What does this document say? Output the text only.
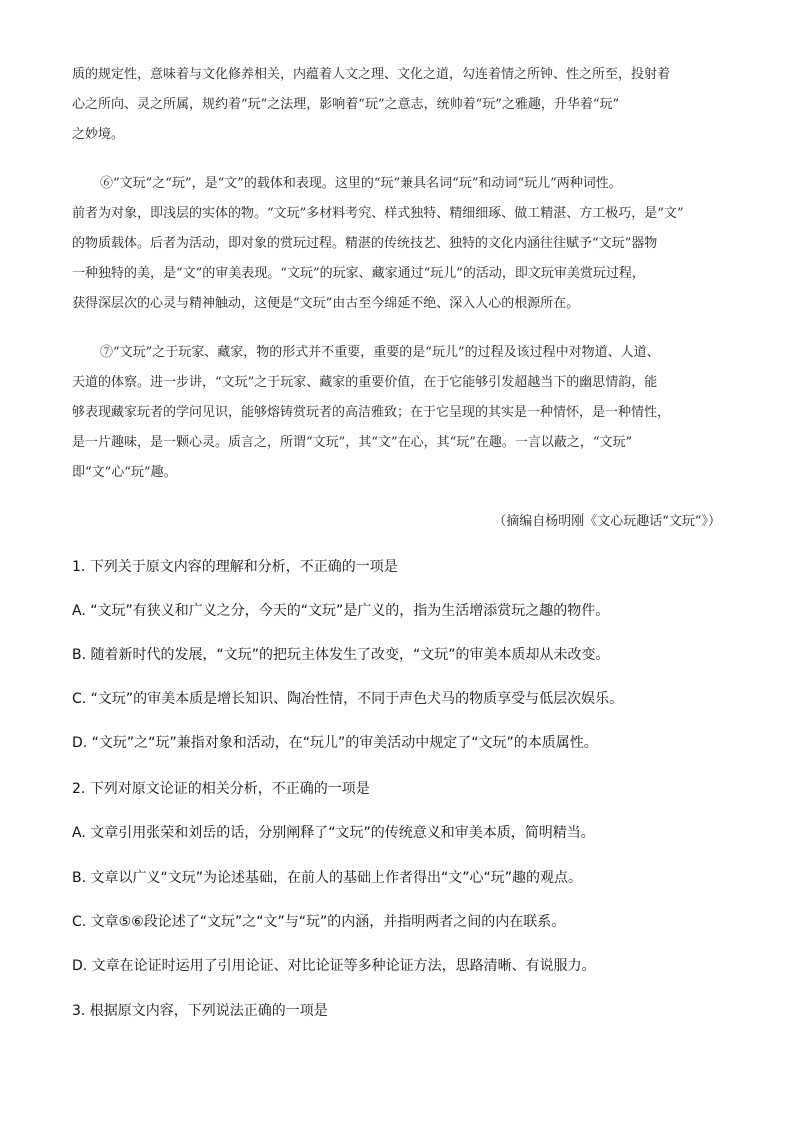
质的规定性，意味着与文化修养相关，内蕴着人文之理、文化之道，勾连着情之所钟、性之所至，投射着
心之所向、灵之所属，规约着“玩”之法理，影响着“玩”之意志，统帅着“玩”之雅趣，升华着“玩”
之妙境。
⑥“文玩”之“玩”，是“文”的载体和表现。这里的“玩”兼具名词“玩”和动词“玩儿”两种词性。
前者为对象，即浅层的实体的物。“文玩”多材料考究、样式独特、精细细琢、做工精湛、方工极巧，是“文”
的物质载体。后者为活动，即对象的赏玩过程。精湛的传统技艺、独特的文化内涵往往赋予“文玩”器物
一种独特的美，是“文”的审美表现。“文玩”的玩家、藏家通过“玩儿”的活动，即文玩审美赏玩过程，
获得深层次的心灵与精神触动，这便是“文玩”由古至今绵延不绝、深入人心的根源所在。
⑦“文玩”之于玩家、藏家，物的形式并不重要，重要的是“玩儿”的过程及该过程中对物道、人道、
天道的体察。进一步讲，“文玩”之于玩家、藏家的重要价值，在于它能够引发超越当下的幽思情韵，能
够表现藏家玩者的学问见识，能够熔铸赏玩者的高洁雅致；在于它呈现的其实是一种情怀，是一种情性，
是一片趣味，是一颗心灵。质言之，所谓“文玩”，其“文”在心，其“玩”在趣。一言以蔽之，“文玩”
即“文”心“玩”趣。
（摘编自杨明刚《文心玩趣话“文玩”》）
1. 下列关于原文内容的理解和分析，不正确的一项是
A. “文玩”有狭义和广义之分，今天的“文玩”是广义的，指为生活增添赏玩之趣的物件。
B. 随着新时代的发展，“文玩”的把玩主体发生了改变，“文玩”的审美本质却从未改变。
C. “文玩”的审美本质是增长知识、陶冶性情，不同于声色犬马的物质享受与低层次娱乐。
D. “文玩”之“玩”兼指对象和活动，在“玩儿”的审美活动中规定了“文玩”的本质属性。
2. 下列对原文论证的相关分析，不正确的一项是
A. 文章引用张荣和刘岳的话，分别阐释了“文玩”的传统意义和审美本质，简明精当。
B. 文章以广义“文玩”为论述基础，在前人的基础上作者得出“文”心“玩”趣的观点。
C. 文章⑤⑥段论述了“文玩”之“文”与“玩”的内涵，并指明两者之间的内在联系。
D. 文章在论证时运用了引用论证、对比论证等多种论证方法，思路清晰、有说服力。
3. 根据原文内容，下列说法正确的一项是
